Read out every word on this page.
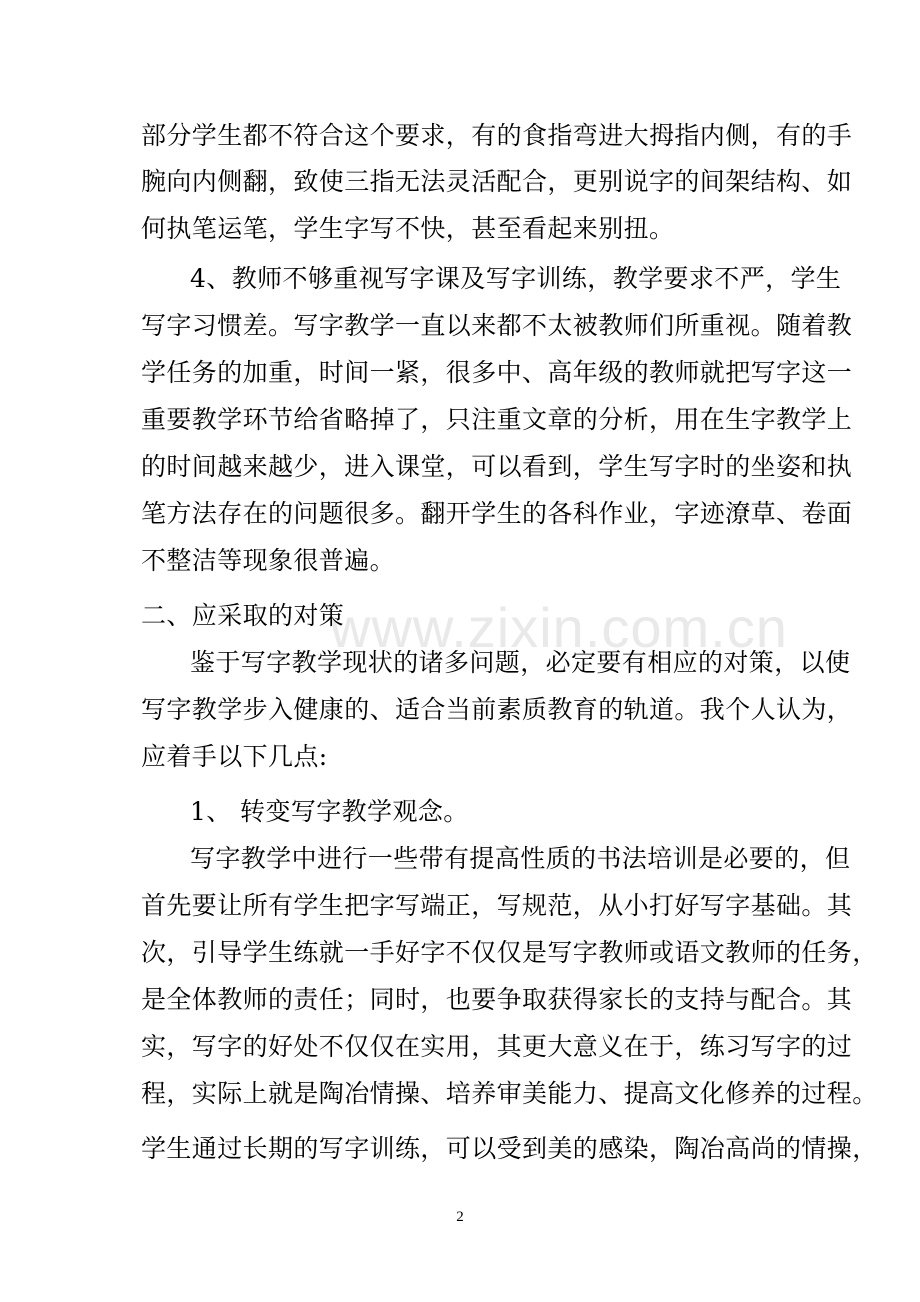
www.zixin.com.cn
部分学生都不符合这个要求，有的食指弯进大拇指内侧，有的手
腕向内侧翻，致使三指无法灵活配合，更别说字的间架结构、如
何执笔运笔，学生字写不快，甚至看起来别扭。
4、教师不够重视写字课及写字训练，教学要求不严，学生
写字习惯差。写字教学一直以来都不太被教师们所重视。随着教
学任务的加重，时间一紧，很多中、高年级的教师就把写字这一
重要教学环节给省略掉了，只注重文章的分析，用在生字教学上
的时间越来越少，进入课堂，可以看到，学生写字时的坐姿和执
笔方法存在的问题很多。翻开学生的各科作业，字迹潦草、卷面
不整洁等现象很普遍。
二、应采取的对策
鉴于写字教学现状的诸多问题，必定要有相应的对策，以使
写字教学步入健康的、适合当前素质教育的轨道。我个人认为，
应着手以下几点:
1、 转变写字教学观念。
写字教学中进行一些带有提高性质的书法培训是必要的，但
首先要让所有学生把字写端正，写规范，从小打好写字基础。其
次，引导学生练就一手好字不仅仅是写字教师或语文教师的任务，
是全体教师的责任；同时，也要争取获得家长的支持与配合。其
实，写字的好处不仅仅在实用，其更大意义在于，练习写字的过
程，实际上就是陶冶情操、培养审美能力、提高文化修养的过程。
学生通过长期的写字训练，可以受到美的感染，陶冶高尚的情操，
2
